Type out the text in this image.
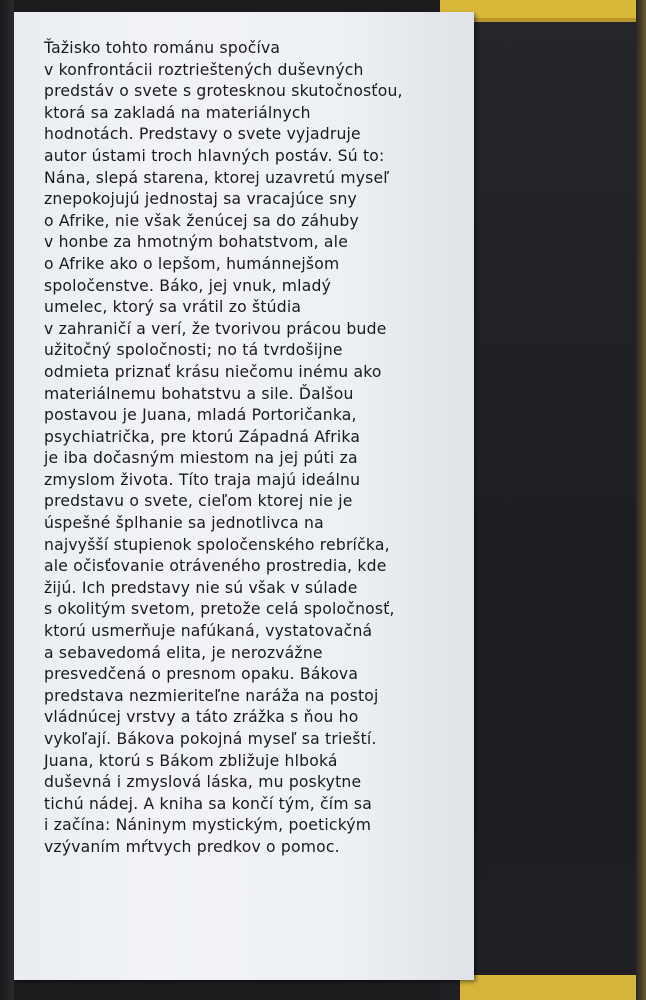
Ťažisko tohto románu spočíva
v konfrontácii roztrieštených duševných
predstáv o svete s grotesknou skutočnosťou,
ktorá sa zakladá na materiálnych
hodnotách. Predstavy o svete vyjadruje
autor ústami troch hlavných postáv. Sú to:
Nána, slepá starena, ktorej uzavretú myseľ
znepokojujú jednostaj sa vracajúce sny
o Afrike, nie však ženúcej sa do záhuby
v honbe za hmotným bohatstvom, ale
o Afrike ako o lepšom, humánnejšom
spoločenstve. Báko, jej vnuk, mladý
umelec, ktorý sa vrátil zo štúdia
v zahraničí a verí, že tvorivou prácou bude
užitočný spoločnosti; no tá tvrdošijne
odmieta priznať krásu niečomu inému ako
materiálnemu bohatstvu a sile. Ďalšou
postavou je Juana, mladá Portoričanka,
psychiatrička, pre ktorú Západná Afrika
je iba dočasným miestom na jej púti za
zmyslom života. Títo traja majú ideálnu
predstavu o svete, cieľom ktorej nie je
úspešné šplhanie sa jednotlivca na
najvyšší stupienok spoločenského rebríčka,
ale očisťovanie otráveného prostredia, kde
žijú. Ich predstavy nie sú však v súlade
s okolitým svetom, pretože celá spoločnosť,
ktorú usmerňuje nafúkaná, vystatovačná
a sebavedomá elita, je nerozvážne
presvedčená o presnom opaku. Bákova
predstava nezmieriteľne naráža na postoj
vládnúcej vrstvy a táto zrážka s ňou ho
vykoľají. Bákova pokojná myseľ sa trieští.
Juana, ktorú s Bákom zbližuje hlboká
duševná i zmyslová láska, mu poskytne
tichú nádej. A kniha sa končí tým, čím sa
i začína: Náninym mystickým, poetickým
vzývaním mŕtvych predkov o pomoc.
